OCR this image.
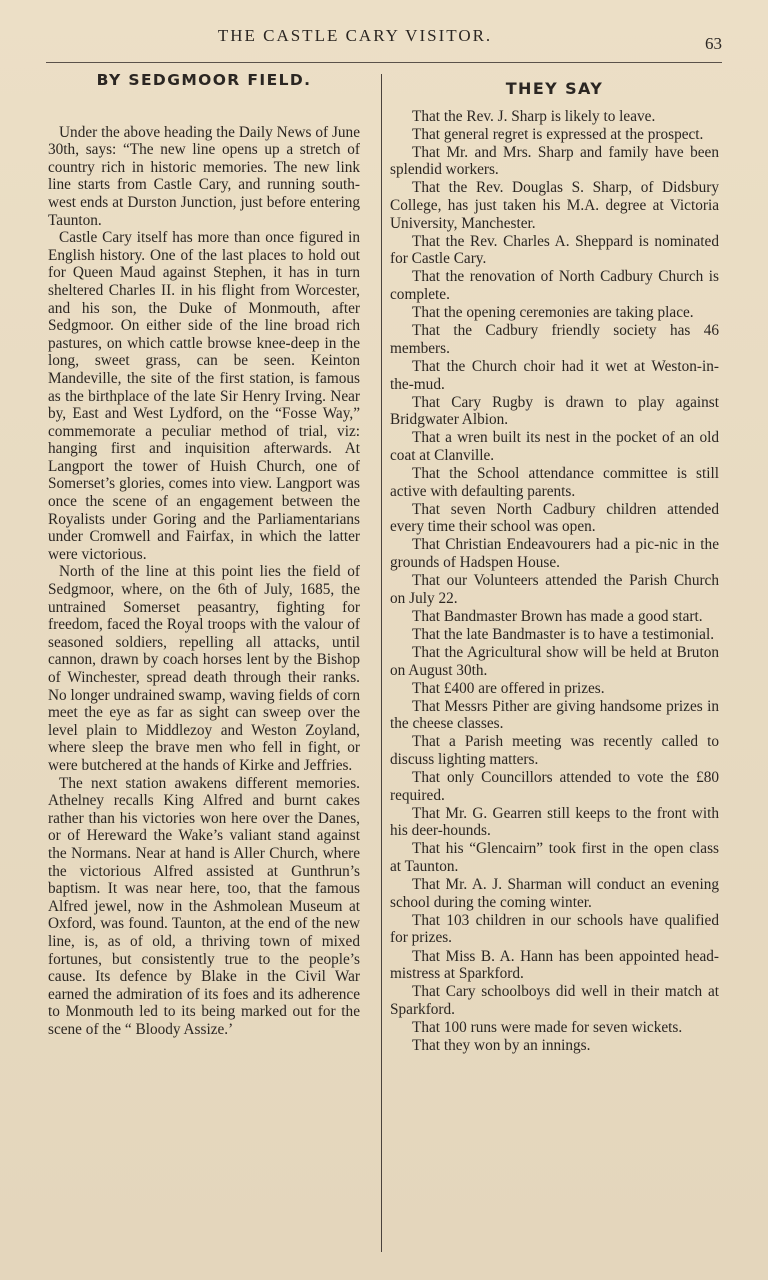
THE CASTLE CARY VISITOR.	63
BY SEDGMOOR FIELD.

Under the above heading the Daily News of June 30th, says: “The new line opens up a stretch of country rich in historic memories. The new link line starts from Castle Cary, and running south-west ends at Durston Junction, just before entering Taunton.

Castle Cary itself has more than once figured in English history. One of the last places to hold out for Queen Maud against Stephen, it has in turn sheltered Charles II. in his flight from Worcester, and his son, the Duke of Monmouth, after Sedgmoor. On either side of the line broad rich pastures, on which cattle browse knee-deep in the long, sweet grass, can be seen. Keinton Mandeville, the site of the first station, is famous as the birthplace of the late Sir Henry Irving. Near by, East and West Lydford, on the “Fosse Way,” commemorate a peculiar method of trial, viz: hanging first and inquisition afterwards. At Langport the tower of Huish Church, one of Somerset’s glories, comes into view. Langport was once the scene of an engagement between the Royalists under Goring and the Parliamentarians under Cromwell and Fairfax, in which the latter were victorious.

North of the line at this point lies the field of Sedgmoor, where, on the 6th of July, 1685, the untrained Somerset peasantry, fighting for freedom, faced the Royal troops with the valour of seasoned soldiers, repelling all attacks, until cannon, drawn by coach horses lent by the Bishop of Winchester, spread death through their ranks. No longer undrained swamp, waving fields of corn meet the eye as far as sight can sweep over the level plain to Middlezoy and Weston Zoyland, where sleep the brave men who fell in fight, or were butchered at the hands of Kirke and Jeffries.

The next station awakens different memories. Athelney recalls King Alfred and burnt cakes rather than his victories won here over the Danes, or of Hereward the Wake’s valiant stand against the Normans. Near at hand is Aller Church, where the victorious Alfred assisted at Gunthrun’s baptism. It was near here, too, that the famous Alfred jewel, now in the Ashmolean Museum at Oxford, was found. Taunton, at the end of the new line, is, as of old, a thriving town of mixed fortunes, but consistently true to the people’s cause. Its defence by Blake in the Civil War earned the admiration of its foes and its adherence to Monmouth led to its being marked out for the scene of the “ Bloody Assize.’

THEY SAY

That the Rev. J. Sharp is likely to leave.

That general regret is expressed at the prospect.

That Mr. and Mrs. Sharp and family have been splendid workers.

That the Rev. Douglas S. Sharp, of Didsbury College, has just taken his M.A. degree at Victoria University, Manchester.

That the Rev. Charles A. Sheppard is nominated for Castle Cary.

That the renovation of North Cadbury Church is complete.

That the opening ceremonies are taking place.

That the Cadbury friendly society has 46 members.

That the Church choir had it wet at Weston-in-the-mud.

That Cary Rugby is drawn to play against Bridgwater Albion.

That a wren built its nest in the pocket of an old coat at Clanville.

That the School attendance committee is still active with defaulting parents.

That seven North Cadbury children attended every time their school was open.

That Christian Endeavourers had a pic-nic in the grounds of Hadspen House.

That our Volunteers attended the Parish Church on July 22.

That Bandmaster Brown has made a good start.

That the late Bandmaster is to have a testimonial.

That the Agricultural show will be held at Bruton on August 30th.

That £400 are offered in prizes.

That Messrs Pither are giving handsome prizes in the cheese classes.

That a Parish meeting was recently called to discuss lighting matters.

That only Councillors attended to vote the £80 required.

That Mr. G. Gearren still keeps to the front with his deer-hounds.

That his “Glencairn” took first in the open class at Taunton.

That Mr. A. J. Sharman will conduct an evening school during the coming winter.

That 103 children in our schools have qualified for prizes.

That Miss B. A. Hann has been appointed head-mistress at Sparkford.

That Cary schoolboys did well in their match at Sparkford.

That 100 runs were made for seven wickets.

That they won by an innings.
